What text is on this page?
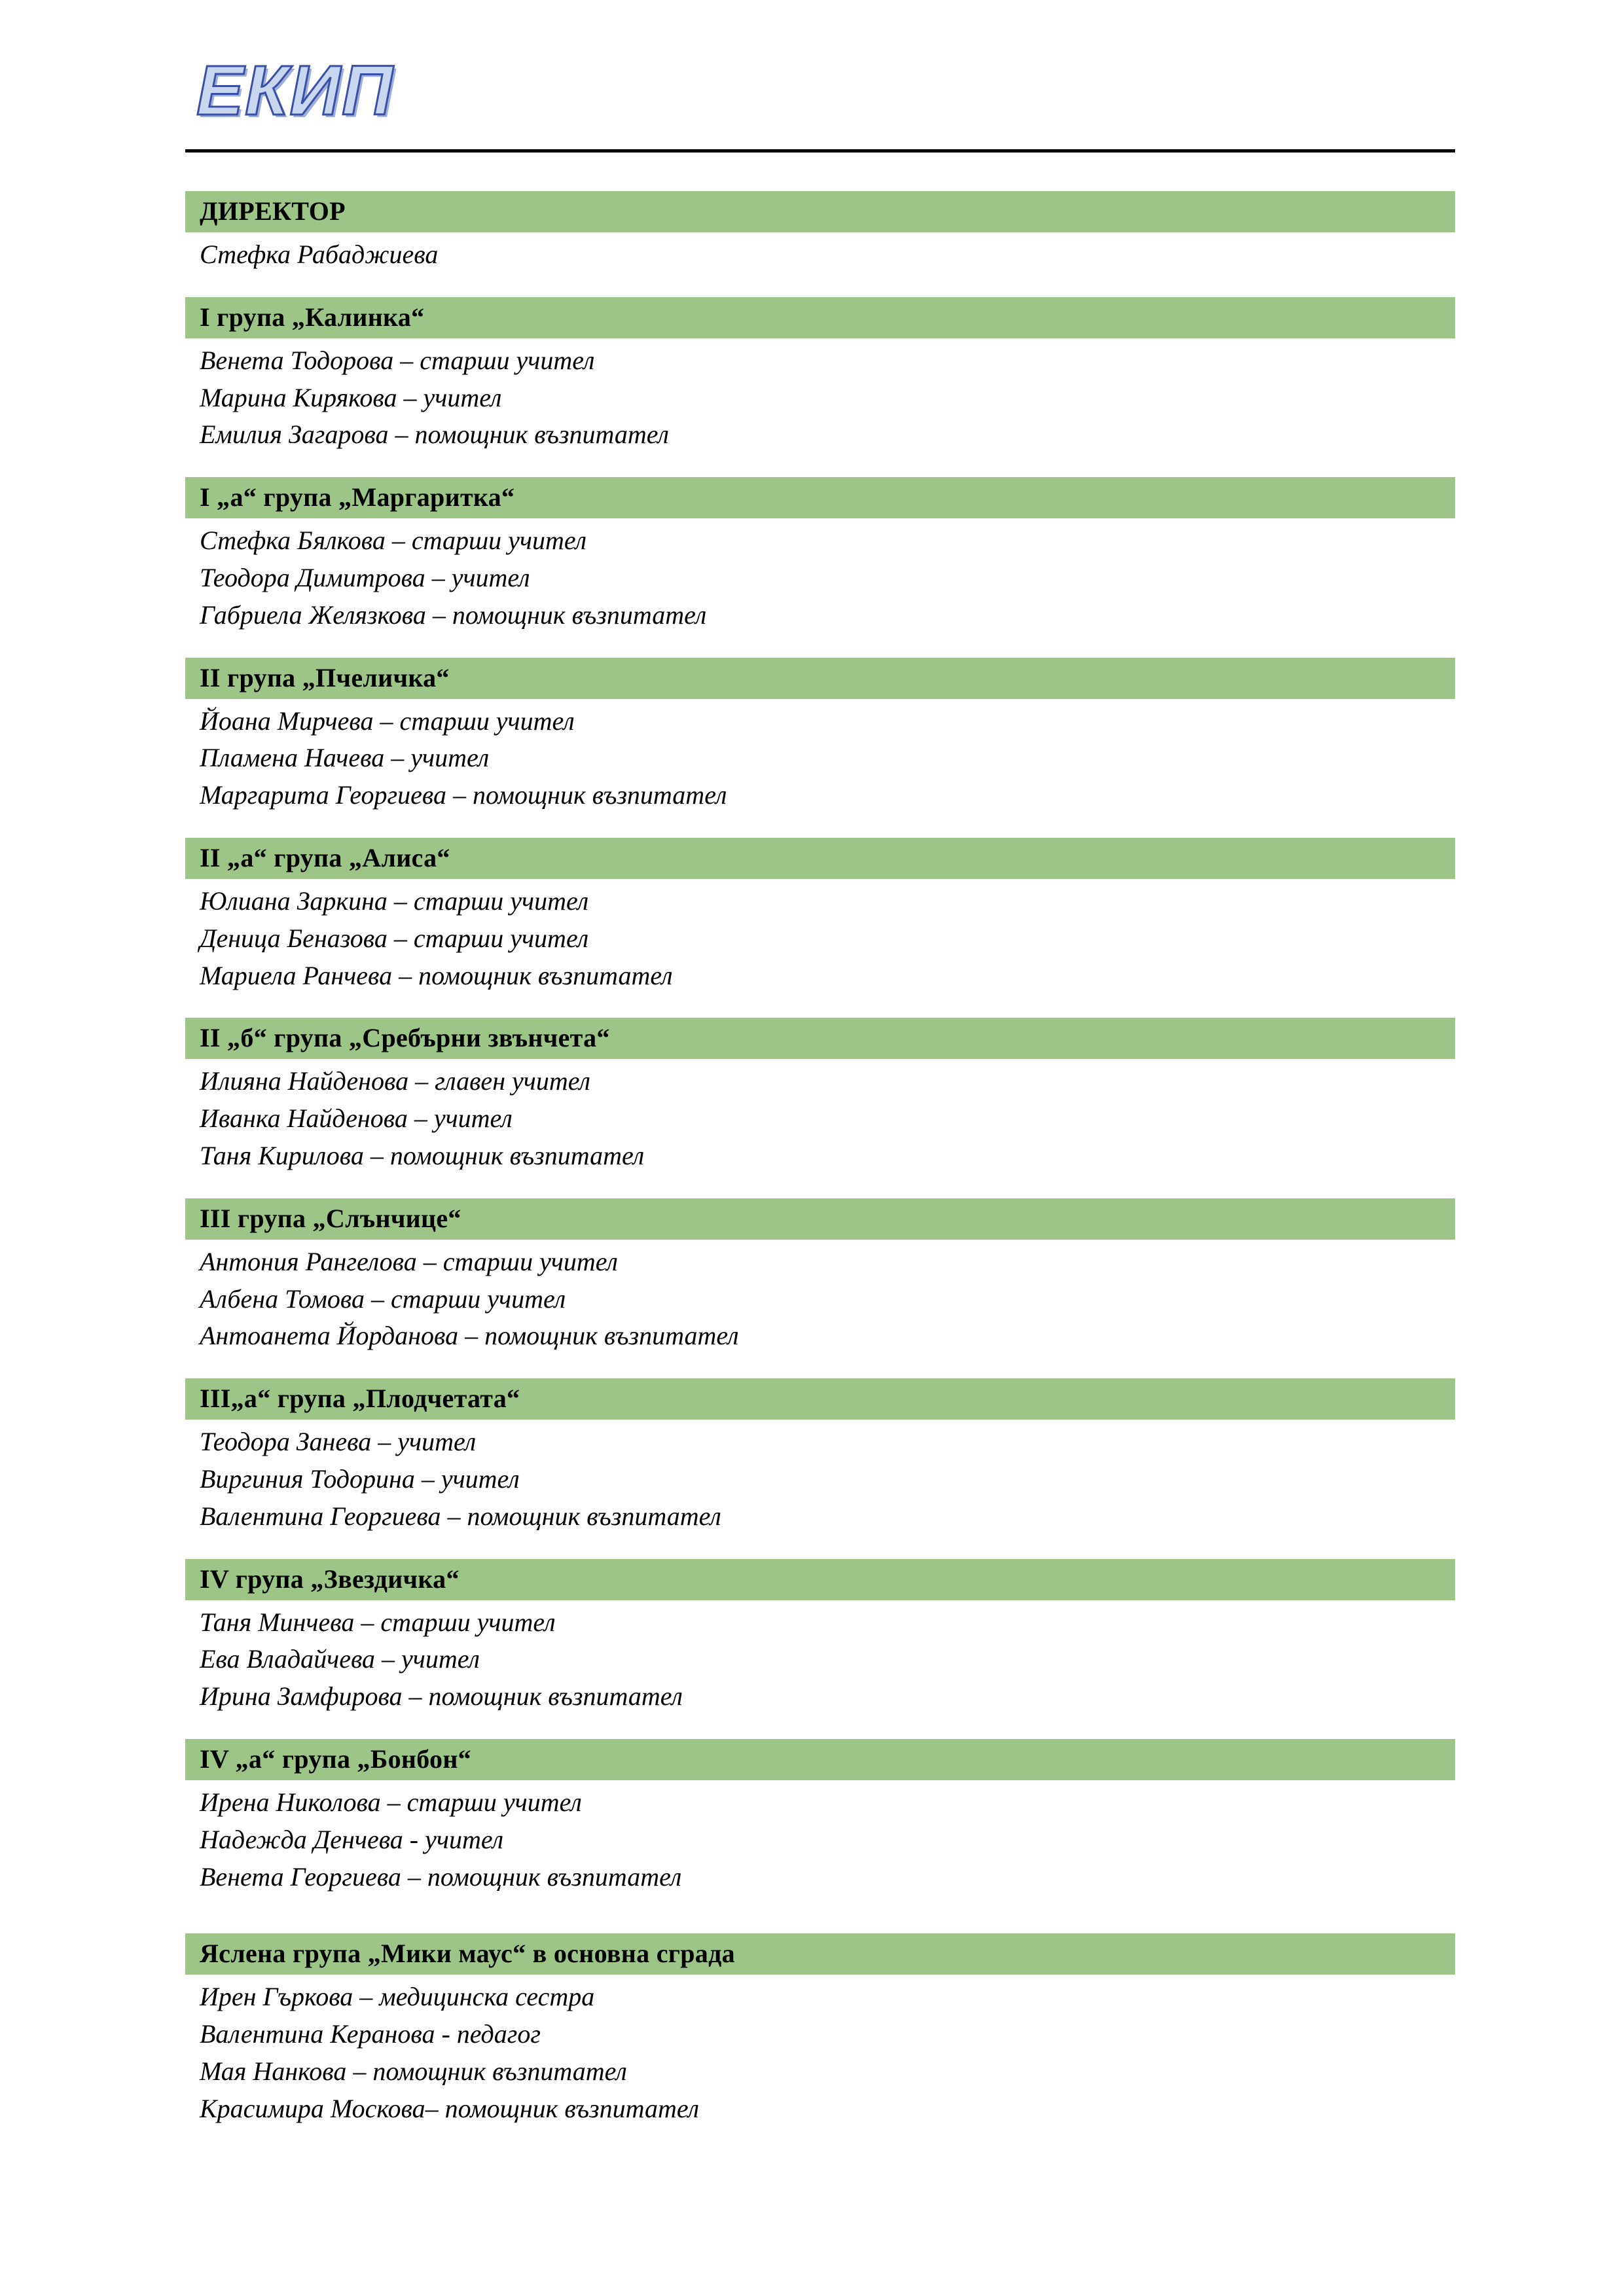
ЕКИП
ДИРЕКТОР
Стефка Рабаджиева
I група „Калинка“
Венета Тодорова – старши учител
Марина Кирякова – учител
Емилия Загарова – помощник възпитател
I „а“ група „Маргаритка“
Стефка Бялкова – старши учител
Теодора Димитрова – учител
Габриела Желязкова – помощник възпитател
II група „Пчеличка“
Йоана Мирчева – старши учител
Пламена Начева – учител
Маргарита Георгиева – помощник възпитател
II „а“ група „Алиса“
Юлиана Заркина – старши учител
Деница Беназова – старши учител
Мариела Ранчева – помощник възпитател
II „б“ група „Сребърни звънчета“
Илияна Найденова – главен учител
Иванка Найденова – учител
Таня Кирилова – помощник възпитател
III група „Слънчице“
Антония Рангелова – старши учител
Албена Томова – старши учител
Антоанета Йорданова – помощник възпитател
III„а“ група „Плодчетата“
Теодора Занева – учител
Виргиния Тодорина – учител
Валентина Георгиева – помощник възпитател
IV група „Звездичка“
Таня Минчева – старши учител
Ева Владайчева – учител
Ирина Замфирова – помощник възпитател
IV „а“ група „Бонбон“
Ирена Николова – старши учител
Надежда Денчева - учител
Венета Георгиева – помощник възпитател
Яслена група „Мики маус“ в основна сграда
Ирен Гъркова – медицинска сестра
Валентина Керанова - педагог
Мая Нанкова – помощник възпитател
Красимира Москова– помощник възпитател
